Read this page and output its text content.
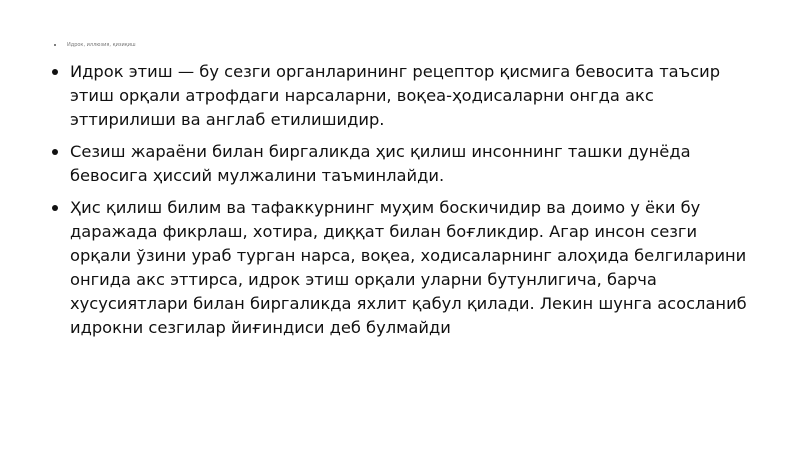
Идрок, иллюзия, қизиқиш
Идрок этиш — бу сезги органларининг рецептор қисмига бевосита таъсир этиш орқали атрофдаги нарсаларни, воқеа-ҳодисаларни онгда акс эттирилиши ва англаб етилишидир.
Сезиш жараёни билан биргаликда ҳис қилиш инсоннинг ташки дунёда бевосига ҳиссий мулжалини таъминлайди.
Ҳис қилиш билим ва тафаккурнинг муҳим боскичидир ва доимо у ёки бу даражада фикрлаш, хотира, диққат билан боғликдир. Агар инсон сезги орқали ўзини ураб турган нарса, воқеа, ходисаларнинг алоҳида белгиларини онгида акс эттирса, идрок этиш орқали уларни бутунлигича, барча хусусиятлари билан биргаликда яхлит қабул қилади. Лекин шунга асосланиб идрокни сезгилар йиғиндиси деб булмайди
